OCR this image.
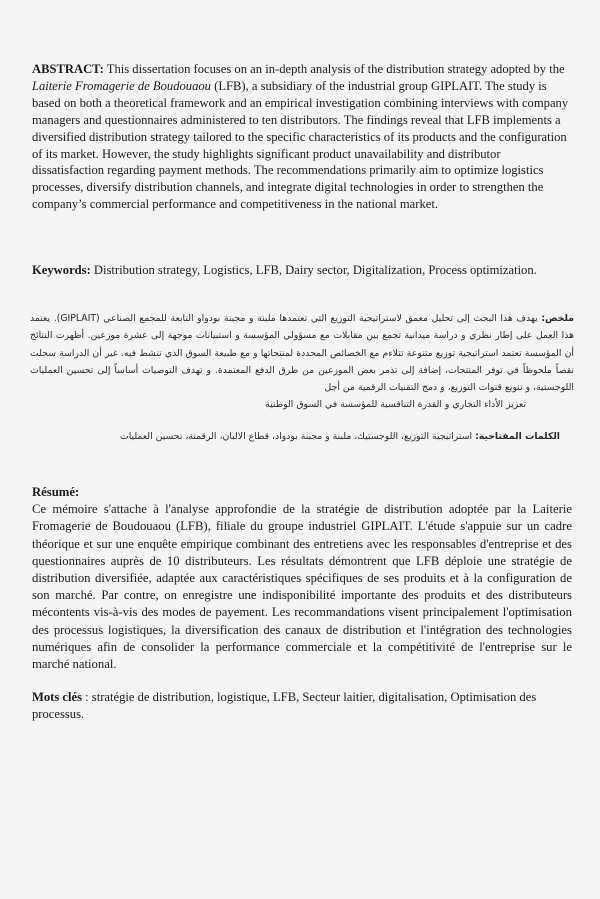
ABSTRACT: This dissertation focuses on an in-depth analysis of the distribution strategy adopted by the Laiterie Fromagerie de Boudouaou (LFB), a subsidiary of the industrial group GIPLAIT. The study is based on both a theoretical framework and an empirical investigation combining interviews with company managers and questionnaires administered to ten distributors. The findings reveal that LFB implements a diversified distribution strategy tailored to the specific characteristics of its products and the configuration of its market. However, the study highlights significant product unavailability and distributor dissatisfaction regarding payment methods. The recommendations primarily aim to optimize logistics processes, diversify distribution channels, and integrate digital technologies in order to strengthen the company’s commercial performance and competitiveness in the national market.

Keywords: Distribution strategy, Logistics, LFB, Dairy sector, Digitalization, Process optimization.

ملخص: يهدف هذا البحث إلى تحليل معمق لاستراتيجية التوزيع التي تعتمدها ملبنة و مجبنة بودواو التابعة للمجمع الصناعي (GIPLAIT). يعتمد هذا العمل على إطار نظري و دراسة ميدانية تجمع بين مقابلات مع مسؤولي المؤسسة و استبيانات موجهة إلى عشرة موزعين. أظهرت النتائج أن المؤسسة تعتمد استراتيجية توزيع متنوعة تتلاءم مع الخصائص المحددة لمنتجاتها و مع طبيعة السوق الذي تنشط فيه. غير أن الدراسة سجلت نقصاً ملحوظاً في توفر المنتجات، إضافة إلى تذمر بعض الموزعين من طرق الدفع المعتمدة. و تهدف التوصيات أساساً إلى تحسين العمليات اللوجستية، و تنويع قنوات التوزيع، و دمج التقنيات الرقمية من أجل
تعزيز الأداء التجاري و القدرة التنافسية للمؤسسة في السوق الوطنية
الكلمات المفتاحية: استراتيجية التوزيع، اللوجستيك، ملبنة و مجبنة بودواد، قطاع الالبان، الرقمنة، تحسين العمليات
Résumé:
Ce mémoire s'attache à l'analyse approfondie de la stratégie de distribution adoptée par la Laiterie Fromagerie de Boudouaou (LFB), filiale du groupe industriel GIPLAIT. L'étude s'appuie sur un cadre théorique et sur une enquête empirique combinant des entretiens avec les responsables d'entreprise et des questionnaires auprès de 10 distributeurs. Les résultats démontrent que LFB déploie une stratégie de distribution diversifiée, adaptée aux caractéristiques spécifiques de ses produits et à la configuration de son marché. Par contre, on enregistre une indisponibilité importante des produits et des distributeurs mécontents vis-à-vis des modes de payement. Les recommandations visent principalement l'optimisation des processus logistiques, la diversification des canaux de distribution et l'intégration des technologies numériques afin de consolider la performance commerciale et la compétitivité de l'entreprise sur le marché national.

Mots clés : stratégie de distribution, logistique, LFB, Secteur laitier, digitalisation, Optimisation des processus.
